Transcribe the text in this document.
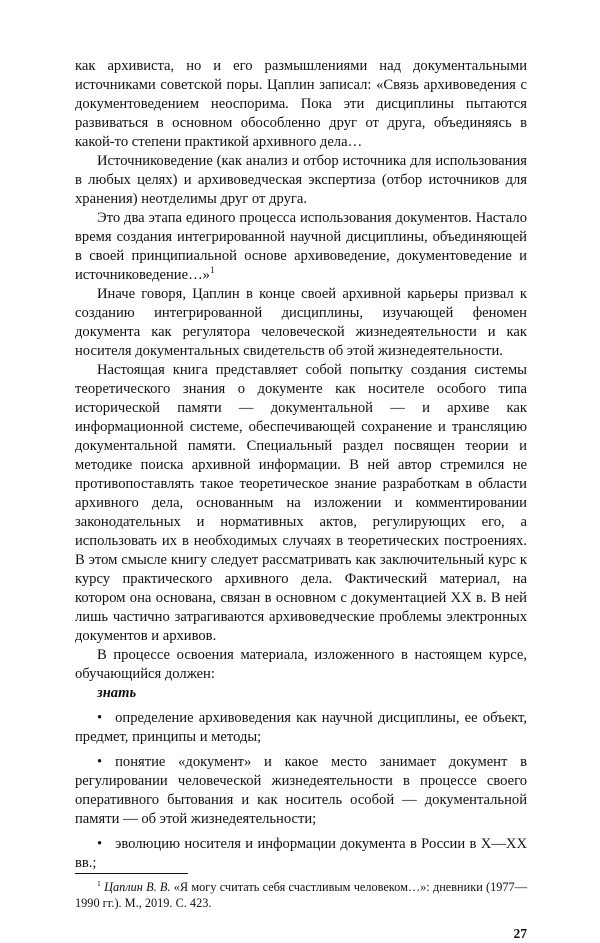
как архивиста, но и его размышлениями над документальными источниками советской поры. Цаплин записал: «Связь архивоведения с документоведением неоспорима. Пока эти дисциплины пытаются развиваться в основном обособленно друг от друга, объединяясь в какой-то степени практикой архивного дела…

Источниковедение (как анализ и отбор источника для использования в любых целях) и архивоведческая экспертиза (отбор источников для хранения) неотделимы друг от друга.

Это два этапа единого процесса использования документов. Настало время создания интегрированной научной дисциплины, объединяющей в своей принципиальной основе архивоведение, документоведение и источниковедение…»$^1$

Иначе говоря, Цаплин в конце своей архивной карьеры призвал к созданию интегрированной дисциплины, изучающей феномен документа как регулятора человеческой жизнедеятельности и как носителя документальных свидетельств об этой жизнедеятельности.

Настоящая книга представляет собой попытку создания системы теоретического знания о документе как носителе особого типа исторической памяти — документальной — и архиве как информационной системе, обеспечивающей сохранение и трансляцию документальной памяти. Специальный раздел посвящен теории и методике поиска архивной информации. В ней автор стремился не противопоставлять такое теоретическое знание разработкам в области архивного дела, основанным на изложении и комментировании законодательных и нормативных актов, регулирующих его, а использовать их в необходимых случаях в теоретических построениях. В этом смысле книгу следует рассматривать как заключительный курс к курсу практического архивного дела. Фактический материал, на котором она основана, связан в основном с документацией XX в. В ней лишь частично затрагиваются архивоведческие проблемы электронных документов и архивов.

В процессе освоения материала, изложенного в настоящем курсе, обучающийся должен:

знать

• определение архивоведения как научной дисциплины, ее объект, предмет, принципы и методы;

• понятие «документ» и какое место занимает документ в регулировании человеческой жизнедеятельности в процессе своего оперативного бытования и как носитель особой — документальной памяти — об этой жизнедеятельности;

• эволюцию носителя и информации документа в России в X—XX вв.;

$^1$ Цаплин В. В. «Я могу считать себя счастливым человеком…»: дневники (1977—1990 гг.). М., 2019. С. 423.

27
